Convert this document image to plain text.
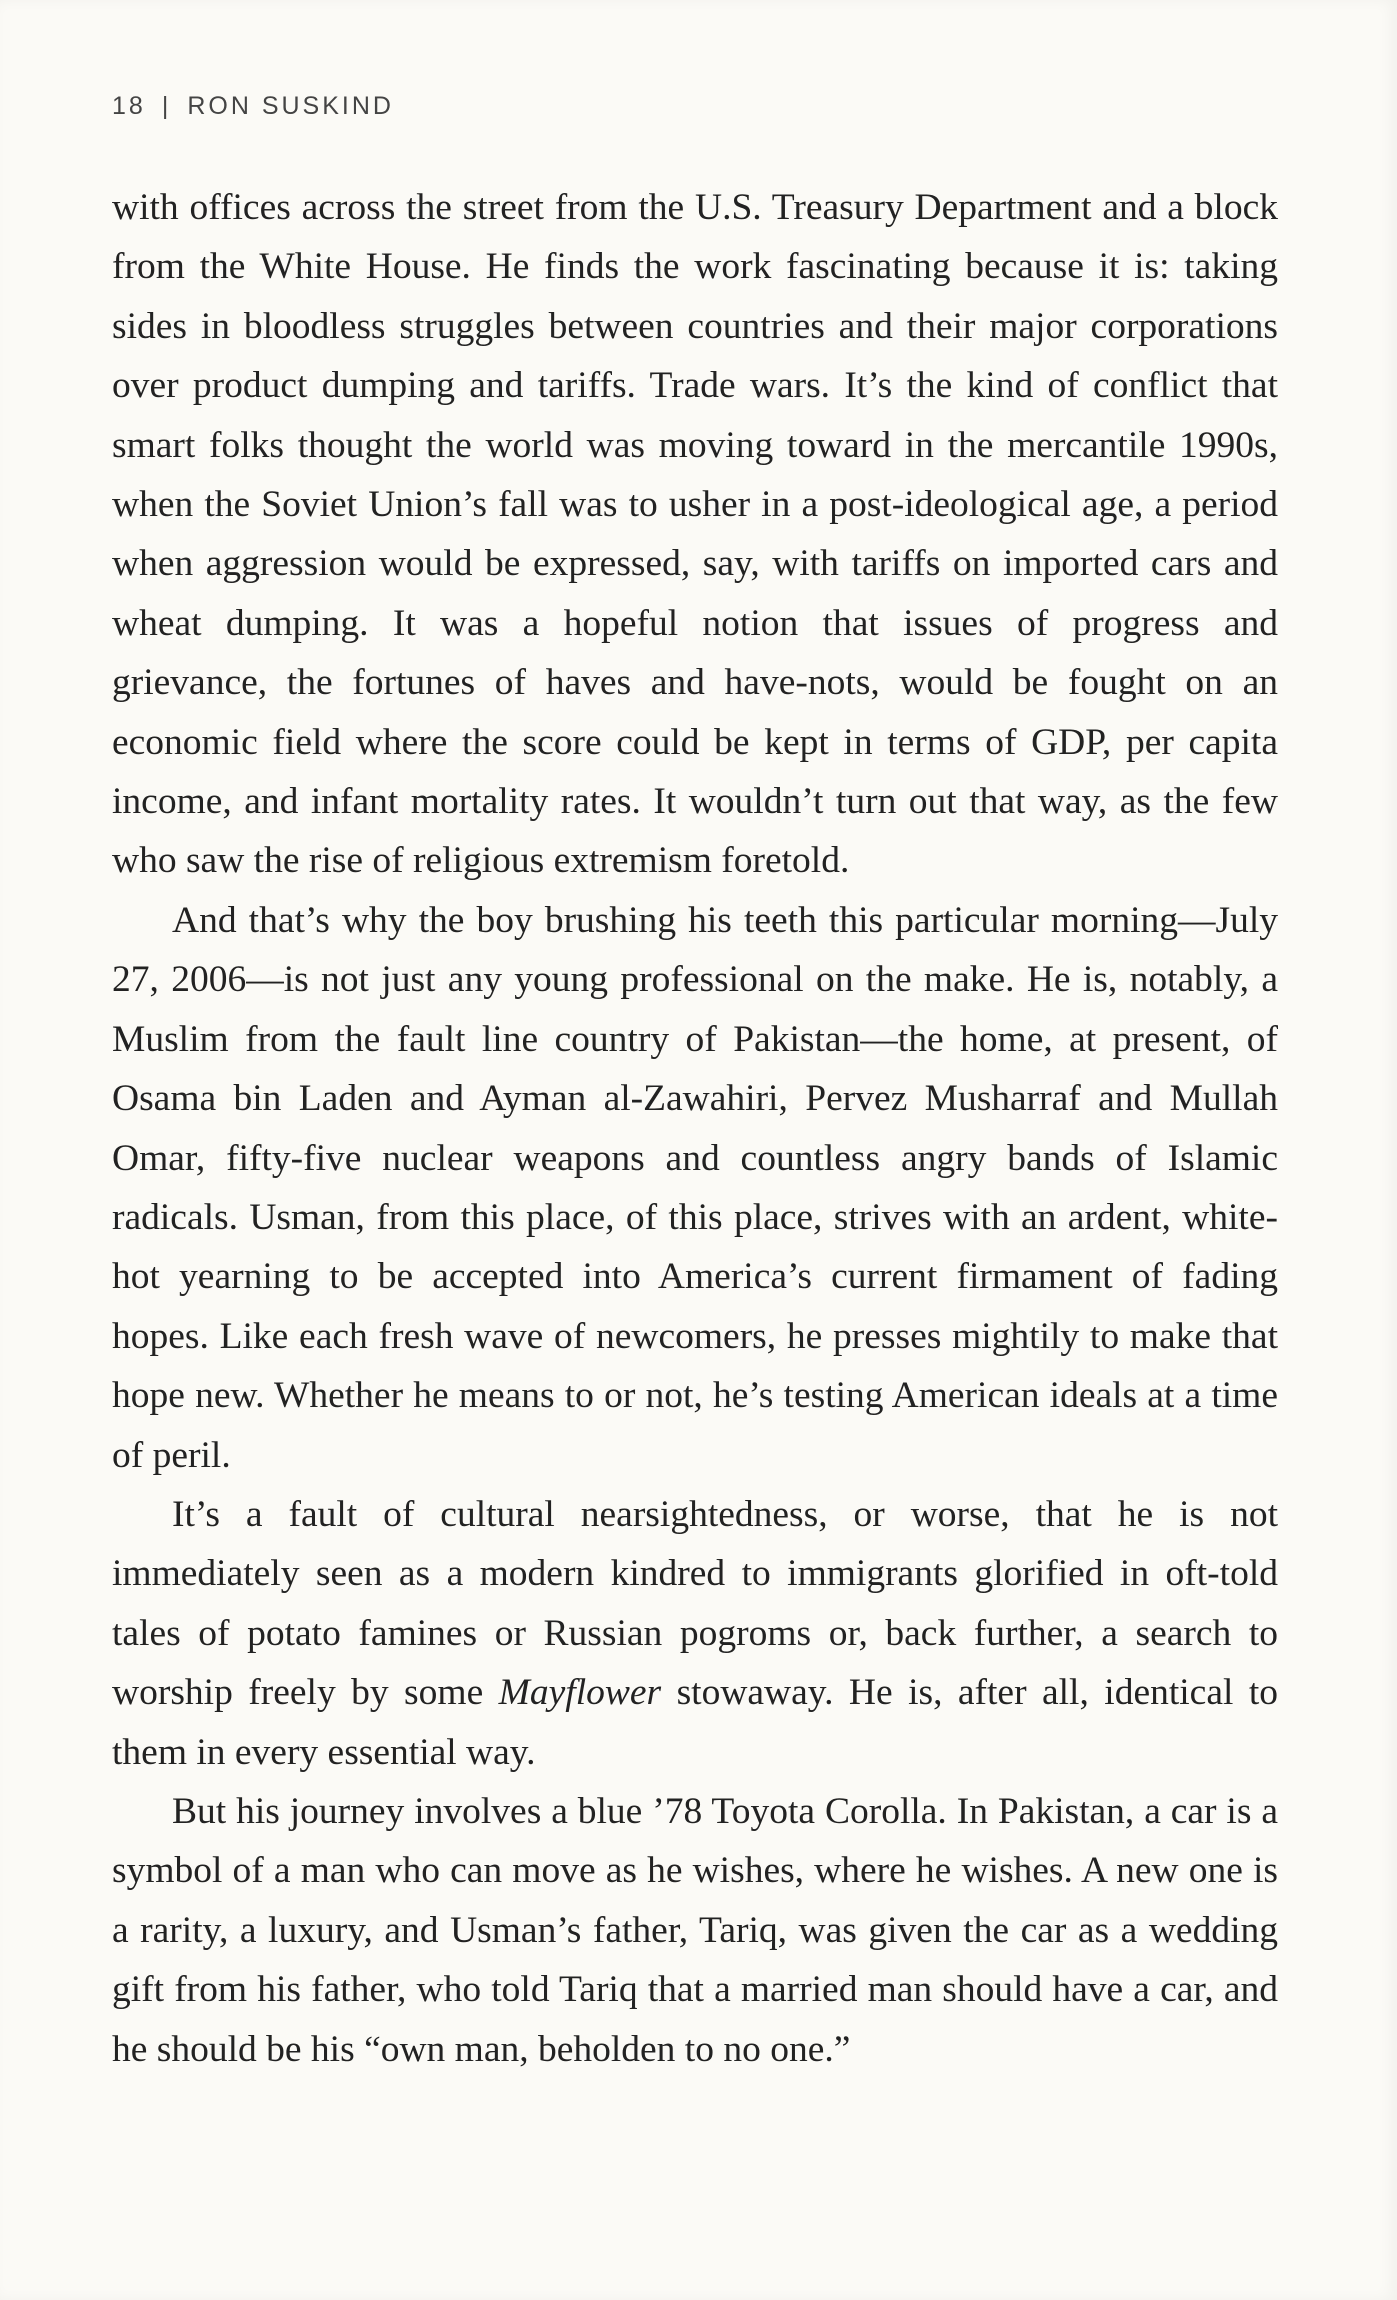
18 | RON SUSKIND

with offices across the street from the U.S. Treasury Department and a block from the White House. He finds the work fascinating because it is: taking sides in bloodless struggles between countries and their major corporations over product dumping and tariffs. Trade wars. It’s the kind of conflict that smart folks thought the world was moving toward in the mercantile 1990s, when the Soviet Union’s fall was to usher in a post-ideological age, a period when aggression would be expressed, say, with tariffs on imported cars and wheat dumping. It was a hopeful notion that issues of progress and grievance, the fortunes of haves and have-nots, would be fought on an economic field where the score could be kept in terms of GDP, per capita income, and infant mortality rates. It wouldn’t turn out that way, as the few who saw the rise of religious extremism foretold.

And that’s why the boy brushing his teeth this particular morning—July 27, 2006—is not just any young professional on the make. He is, notably, a Muslim from the fault line country of Pakistan—the home, at present, of Osama bin Laden and Ayman al-Zawahiri, Pervez Musharraf and Mullah Omar, fifty-five nuclear weapons and countless angry bands of Islamic radicals. Usman, from this place, of this place, strives with an ardent, white-hot yearning to be accepted into America’s current firmament of fading hopes. Like each fresh wave of newcomers, he presses mightily to make that hope new. Whether he means to or not, he’s testing American ideals at a time of peril.

It’s a fault of cultural nearsightedness, or worse, that he is not immediately seen as a modern kindred to immigrants glorified in oft-told tales of potato famines or Russian pogroms or, back further, a search to worship freely by some Mayflower stowaway. He is, after all, identical to them in every essential way.

But his journey involves a blue ’78 Toyota Corolla. In Pakistan, a car is a symbol of a man who can move as he wishes, where he wishes. A new one is a rarity, a luxury, and Usman’s father, Tariq, was given the car as a wedding gift from his father, who told Tariq that a married man should have a car, and he should be his “own man, beholden to no one.”
